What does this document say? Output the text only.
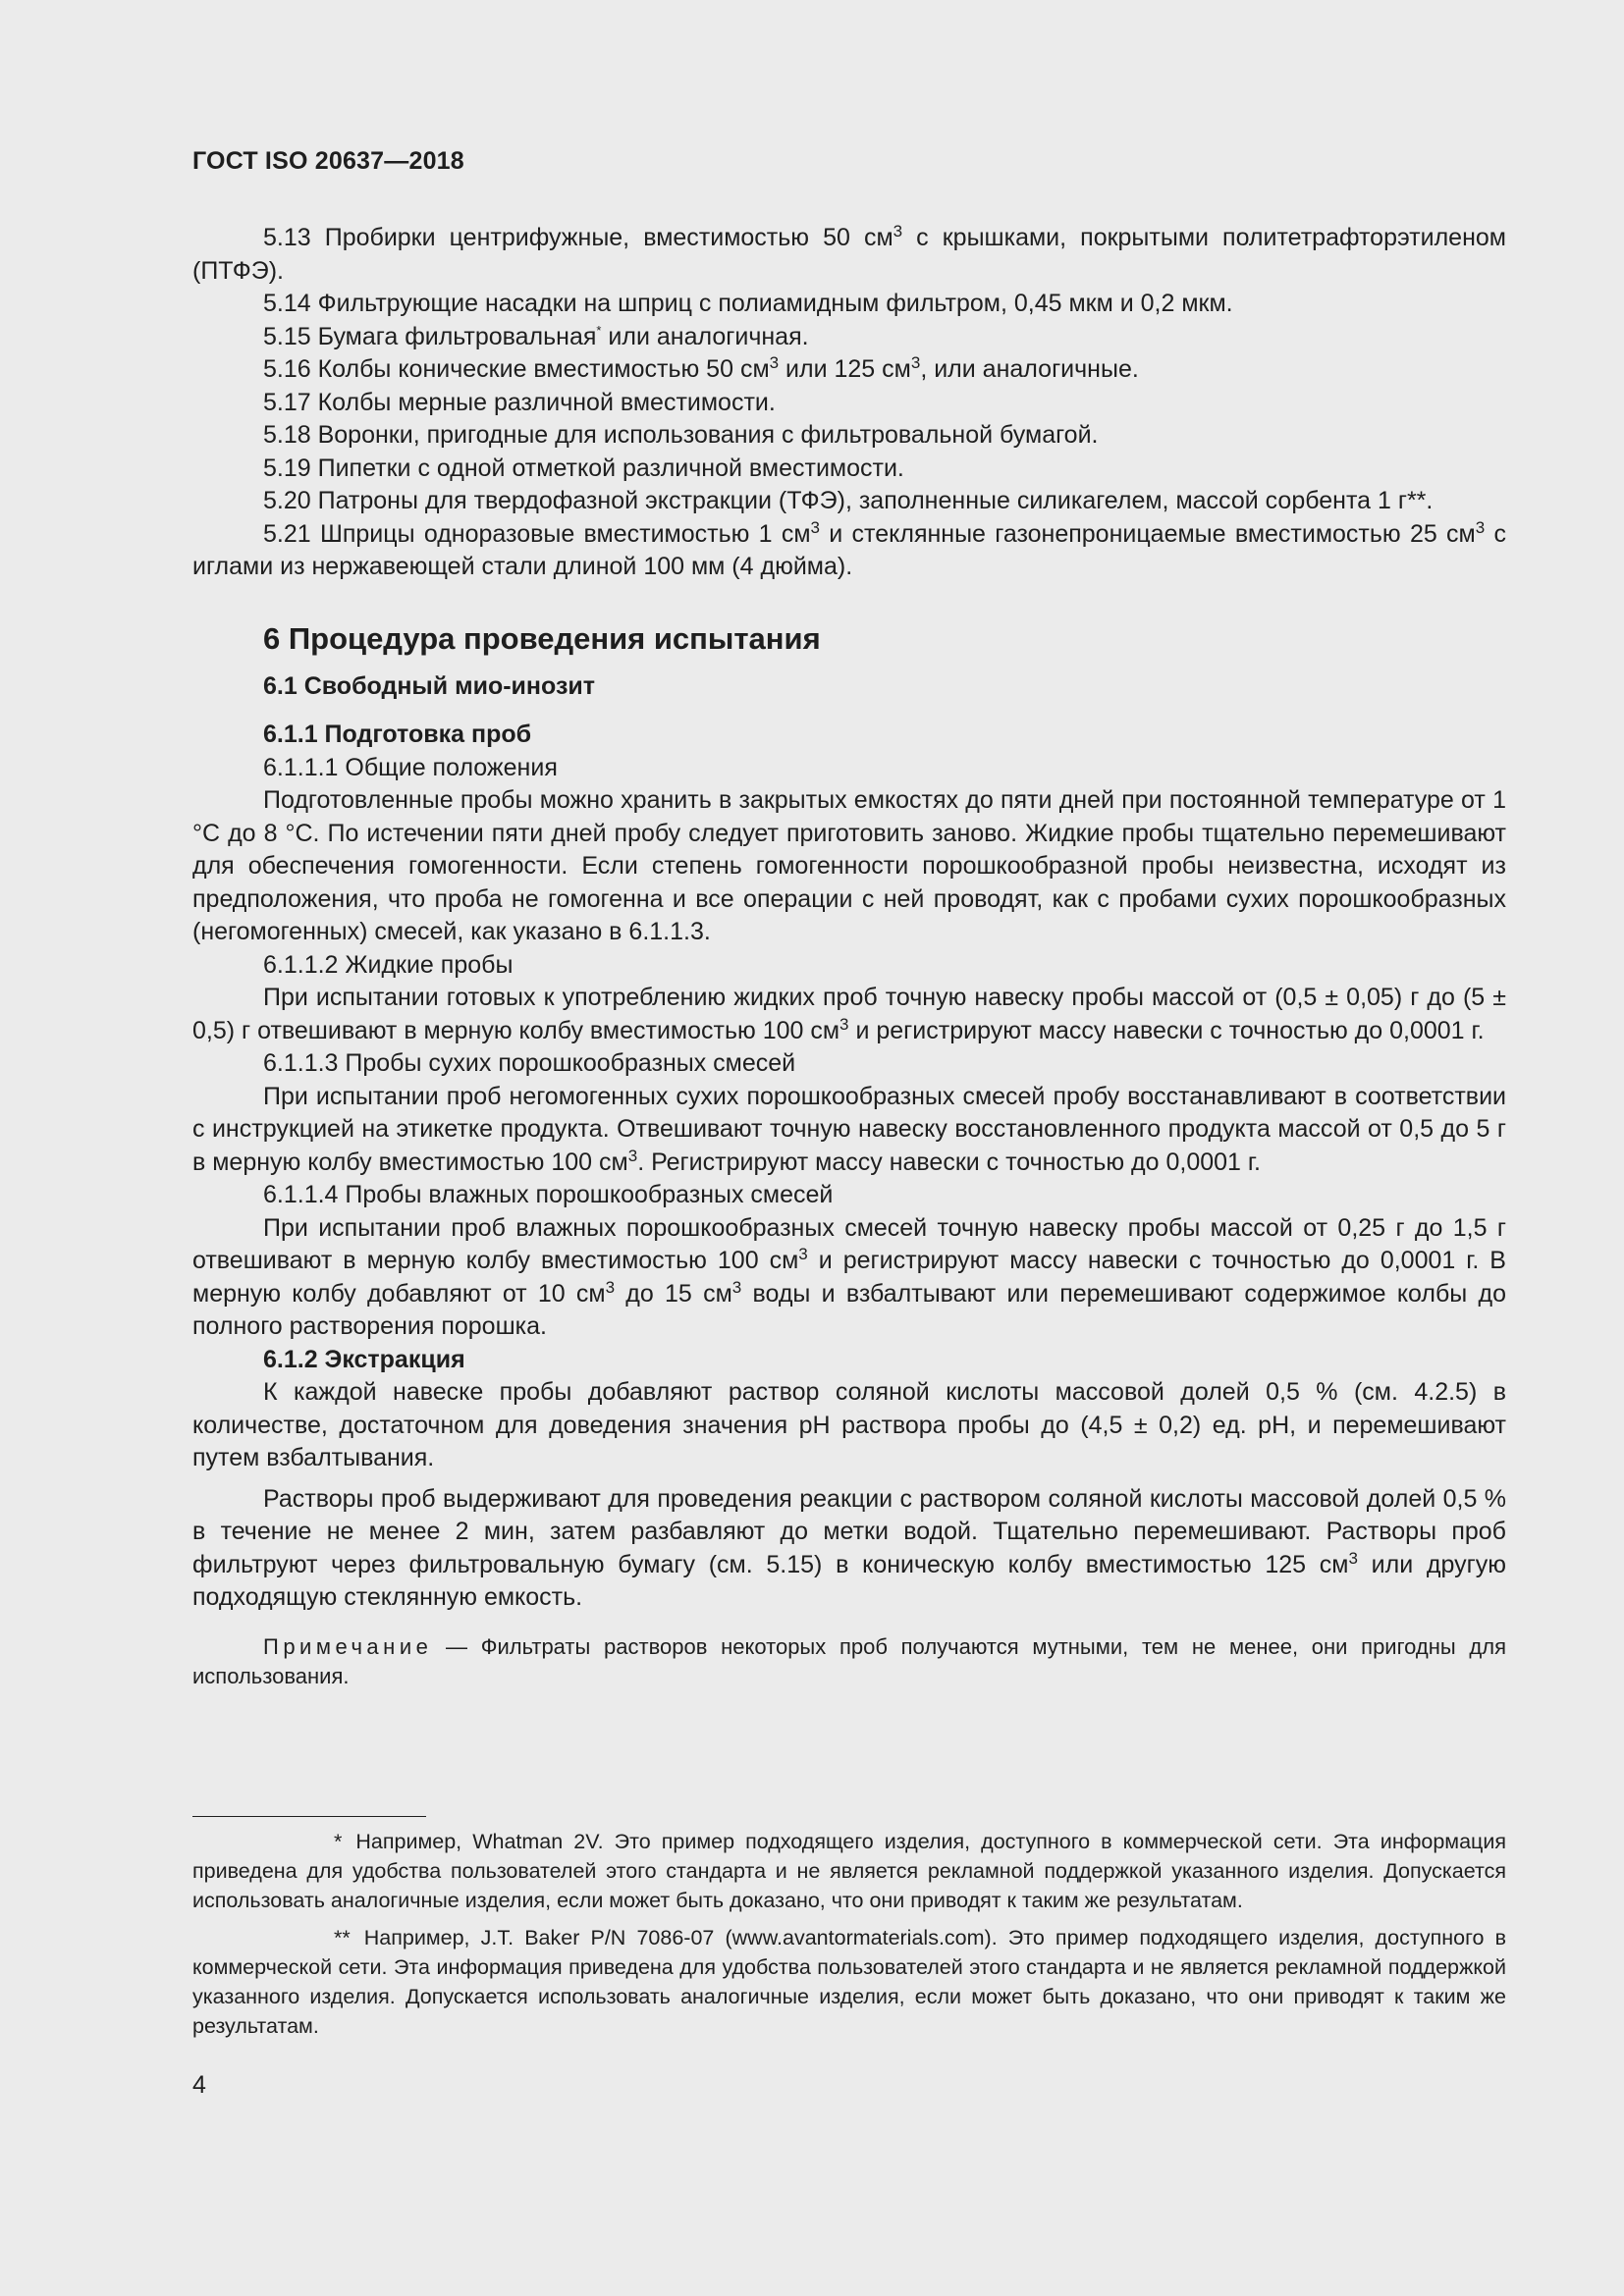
ГОСТ ISO 20637—2018

5.13 Пробирки центрифужные, вместимостью 50 $см^3$ с крышками, покрытыми политетрафторэтиленом (ПТФЭ).

5.14 Фильтрующие насадки на шприц с полиамидным фильтром, 0,45 мкм и 0,2 мкм.

5.15 Бумага фильтровальная* или аналогичная.

5.16 Колбы конические вместимостью 50 $см^3$ или 125 $см^3$, или аналогичные.

5.17 Колбы мерные различной вместимости.

5.18 Воронки, пригодные для использования с фильтровальной бумагой.

5.19 Пипетки с одной отметкой различной вместимости.

5.20 Патроны для твердофазной экстракции (ТФЭ), заполненные силикагелем, массой сорбента 1 г**.

5.21 Шприцы одноразовые вместимостью 1 $см^3$ и стеклянные газонепроницаемые вместимостью 25 $см^3$ с иглами из нержавеющей стали длиной 100 мм (4 дюйма).

6 Процедура проведения испытания
6.1 Свободный мио-инозит
6.1.1 Подготовка проб
6.1.1.1 Общие положения

Подготовленные пробы можно хранить в закрытых емкостях до пяти дней при постоянной температуре от 1 °С до 8 °С. По истечении пяти дней пробу следует приготовить заново. Жидкие пробы тщательно перемешивают для обеспечения гомогенности. Если степень гомогенности порошкообразной пробы неизвестна, исходят из предположения, что проба не гомогенна и все операции с ней проводят, как с пробами сухих порошкообразных (негомогенных) смесей, как указано в 6.1.1.3.

6.1.1.2 Жидкие пробы

При испытании готовых к употреблению жидких проб точную навеску пробы массой от (0,5 ± 0,05) г до (5 ± 0,5) г отвешивают в мерную колбу вместимостью 100 $см^3$ и регистрируют массу навески с точностью до 0,0001 г.

6.1.1.3 Пробы сухих порошкообразных смесей

При испытании проб негомогенных сухих порошкообразных смесей пробу восстанавливают в соответствии с инструкцией на этикетке продукта. Отвешивают точную навеску восстановленного продукта массой от 0,5 до 5 г в мерную колбу вместимостью 100 $см^3$. Регистрируют массу навески с точностью до 0,0001 г.

6.1.1.4 Пробы влажных порошкообразных смесей

При испытании проб влажных порошкообразных смесей точную навеску пробы массой от 0,25 г до 1,5 г отвешивают в мерную колбу вместимостью 100 $см^3$ и регистрируют массу навески с точностью до 0,0001 г. В мерную колбу добавляют от 10 $см^3$ до 15 $см^3$ воды и взбалтывают или перемешивают содержимое колбы до полного растворения порошка.

6.1.2 Экстракция

К каждой навеске пробы добавляют раствор соляной кислоты массовой долей 0,5 % (см. 4.2.5) в количестве, достаточном для доведения значения pH раствора пробы до (4,5 ± 0,2) ед. pH, и перемешивают путем взбалтывания.

Растворы проб выдерживают для проведения реакции с раствором соляной кислоты массовой долей 0,5 % в течение не менее 2 мин, затем разбавляют до метки водой. Тщательно перемешивают. Растворы проб фильтруют через фильтровальную бумагу (см. 5.15) в коническую колбу вместимостью 125 $см^3$ или другую подходящую стеклянную емкость.

Примечание — Фильтраты растворов некоторых проб получаются мутными, тем не менее, они пригодны для использования.

* Например, Whatman 2V. Это пример подходящего изделия, доступного в коммерческой сети. Эта информация приведена для удобства пользователей этого стандарта и не является рекламной поддержкой указанного изделия. Допускается использовать аналогичные изделия, если может быть доказано, что они приводят к таким же результатам.

** Например, J.T. Baker P/N 7086-07 (www.avantormaterials.com). Это пример подходящего изделия, доступного в коммерческой сети. Эта информация приведена для удобства пользователей этого стандарта и не является рекламной поддержкой указанного изделия. Допускается использовать аналогичные изделия, если может быть доказано, что они приводят к таким же результатам.

4
